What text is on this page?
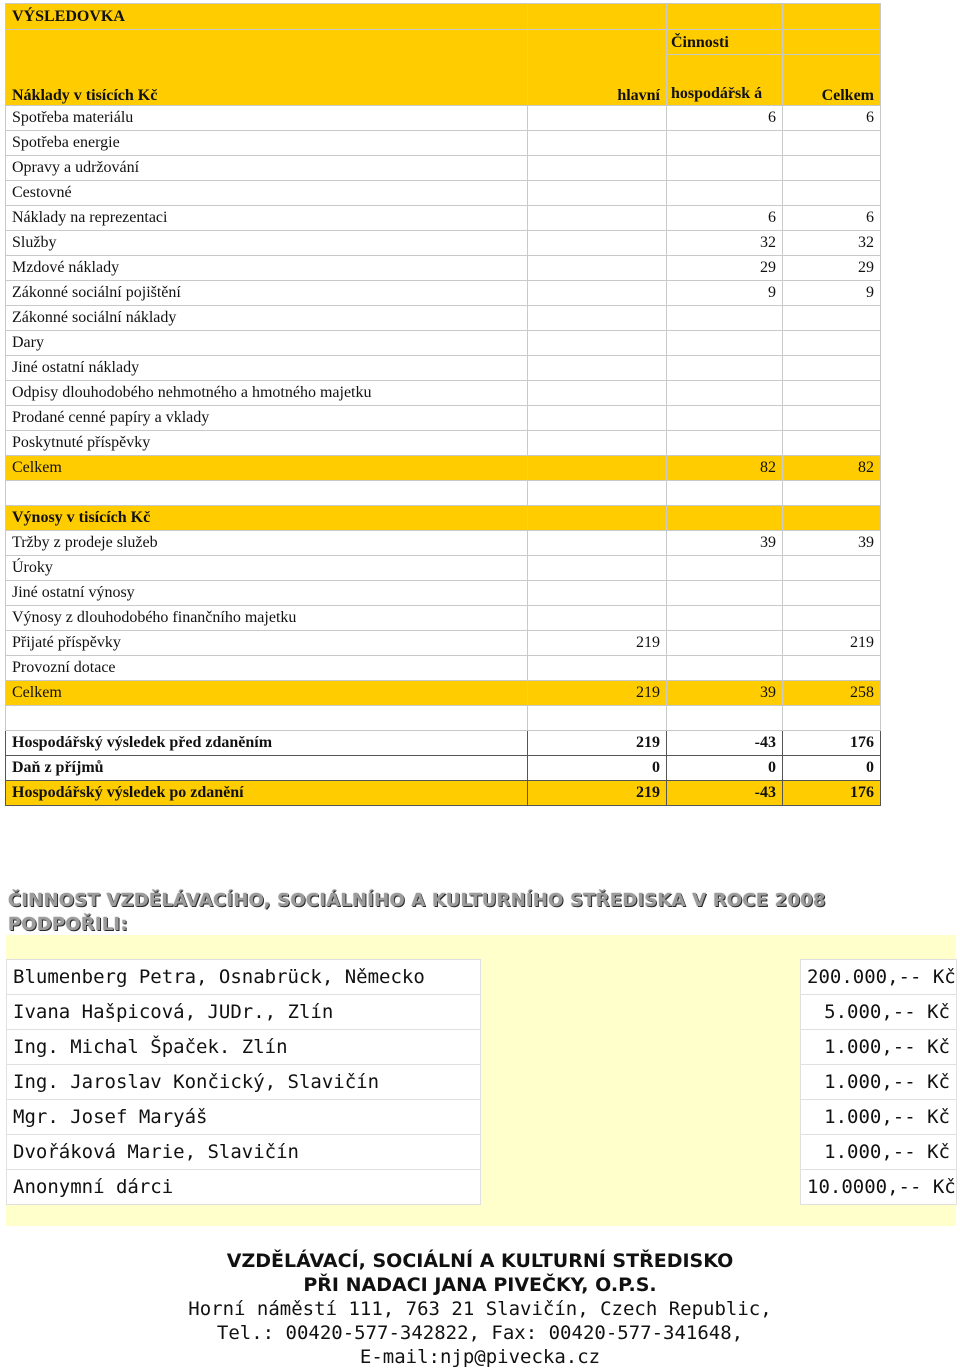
VÝSLEDOVKA			
Náklady v tisících Kč	hlavní	Činnosti	
		hospodářsk á	Celkem
Spotřeba materiálu		6	6
Spotřeba energie			
Opravy a udržování			
Cestovné			
Náklady na reprezentaci		6	6
Služby		32	32
Mzdové náklady		29	29
Zákonné sociální pojištění		9	9
Zákonné sociální náklady			
Dary			
Jiné ostatní náklady			
Odpisy dlouhodobého nehmotného a hmotného majetku			
Prodané cenné papíry a vklady			
Poskytnuté příspěvky			
Celkem		82	82

Výnosy v tisících Kč			
Tržby z prodeje služeb		39	39
Úroky			
Jiné ostatní výnosy			
Výnosy z dlouhodobého finančního majetku			
Přijaté příspěvky	219		219
Provozní dotace			
Celkem	219	39	258

Hospodářský výsledek před zdaněním	219	-43	176
Daň z příjmů	0	0	0
Hospodářský výsledek po zdanění	219	-43	176
ČINNOST VZDĚLÁVACÍHO, SOCIÁLNÍHO A KULTURNÍHO STŘEDISKA V ROCE 2008 PODPOŘILI:
Blumenberg Petra, Osnabrück, Německo		200.000,-- Kč
Ivana Hašpicová, JUDr., Zlín		5.000,-- Kč
Ing. Michal Špaček. Zlín		1.000,-- Kč
Ing. Jaroslav Končický, Slavičín		1.000,-- Kč
Mgr. Josef Maryáš		1.000,-- Kč
Dvořáková Marie, Slavičín		1.000,-- Kč
Anonymní dárci		10.0000,-- Kč
VZDĚLÁVACÍ, SOCIÁLNÍ A KULTURNÍ STŘEDISKO
PŘI NADACI JANA PIVEČKY, O.P.S.
Horní náměstí 111, 763 21 Slavičín, Czech Republic,
Tel.: 00420-577-342822, Fax: 00420-577-341648,
E-mail:njp@pivecka.cz
